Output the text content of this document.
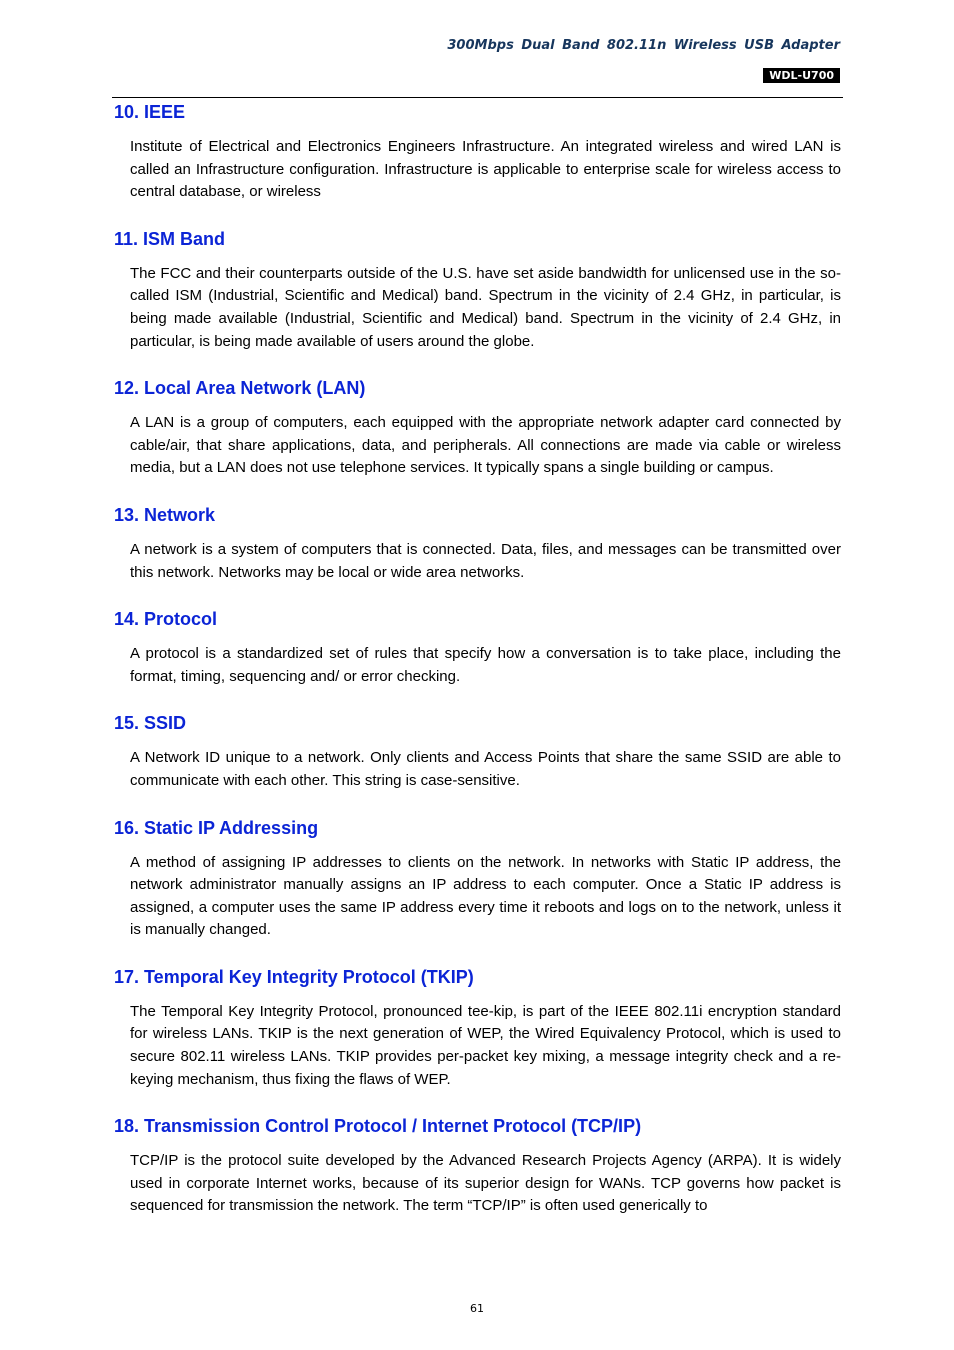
300Mbps Dual Band 802.11n Wireless USB Adapter
WDL-U700
10. IEEE

Institute of Electrical and Electronics Engineers Infrastructure. An integrated wireless and wired LAN is called an Infrastructure configuration. Infrastructure is applicable to enterprise scale for wireless access to central database, or wireless

11. ISM Band

The FCC and their counterparts outside of the U.S. have set aside bandwidth for unlicensed use in the so-called ISM (Industrial, Scientific and Medical) band. Spectrum in the vicinity of 2.4 GHz, in particular, is being made available (Industrial, Scientific and Medical) band. Spectrum in the vicinity of 2.4 GHz, in particular, is being made available of users around the globe.

12. Local Area Network (LAN)

A LAN is a group of computers, each equipped with the appropriate network adapter card connected by cable/air, that share applications, data, and peripherals. All connections are made via cable or wireless media, but a LAN does not use telephone services. It typically spans a single building or campus.

13. Network

A network is a system of computers that is connected. Data, files, and messages can be transmitted over this network. Networks may be local or wide area networks.

14. Protocol

A protocol is a standardized set of rules that specify how a conversation is to take place, including the format, timing, sequencing and/ or error checking.

15. SSID

A Network ID unique to a network. Only clients and Access Points that share the same SSID are able to communicate with each other. This string is case-sensitive.

16. Static IP Addressing

A method of assigning IP addresses to clients on the network. In networks with Static IP address, the network administrator manually assigns an IP address to each computer. Once a Static IP address is assigned, a computer uses the same IP address every time it reboots and logs on to the network, unless it is manually changed.

17. Temporal Key Integrity Protocol (TKIP)

The Temporal Key Integrity Protocol, pronounced tee-kip, is part of the IEEE 802.11i encryption standard for wireless LANs. TKIP is the next generation of WEP, the Wired Equivalency Protocol, which is used to secure 802.11 wireless LANs. TKIP provides per-packet key mixing, a message integrity check and a re-keying mechanism, thus fixing the flaws of WEP.

18. Transmission Control Protocol / Internet Protocol (TCP/IP)

TCP/IP is the protocol suite developed by the Advanced Research Projects Agency (ARPA). It is widely used in corporate Internet works, because of its superior design for WANs. TCP governs how packet is sequenced for transmission the network. The term “TCP/IP” is often used generically to

61
